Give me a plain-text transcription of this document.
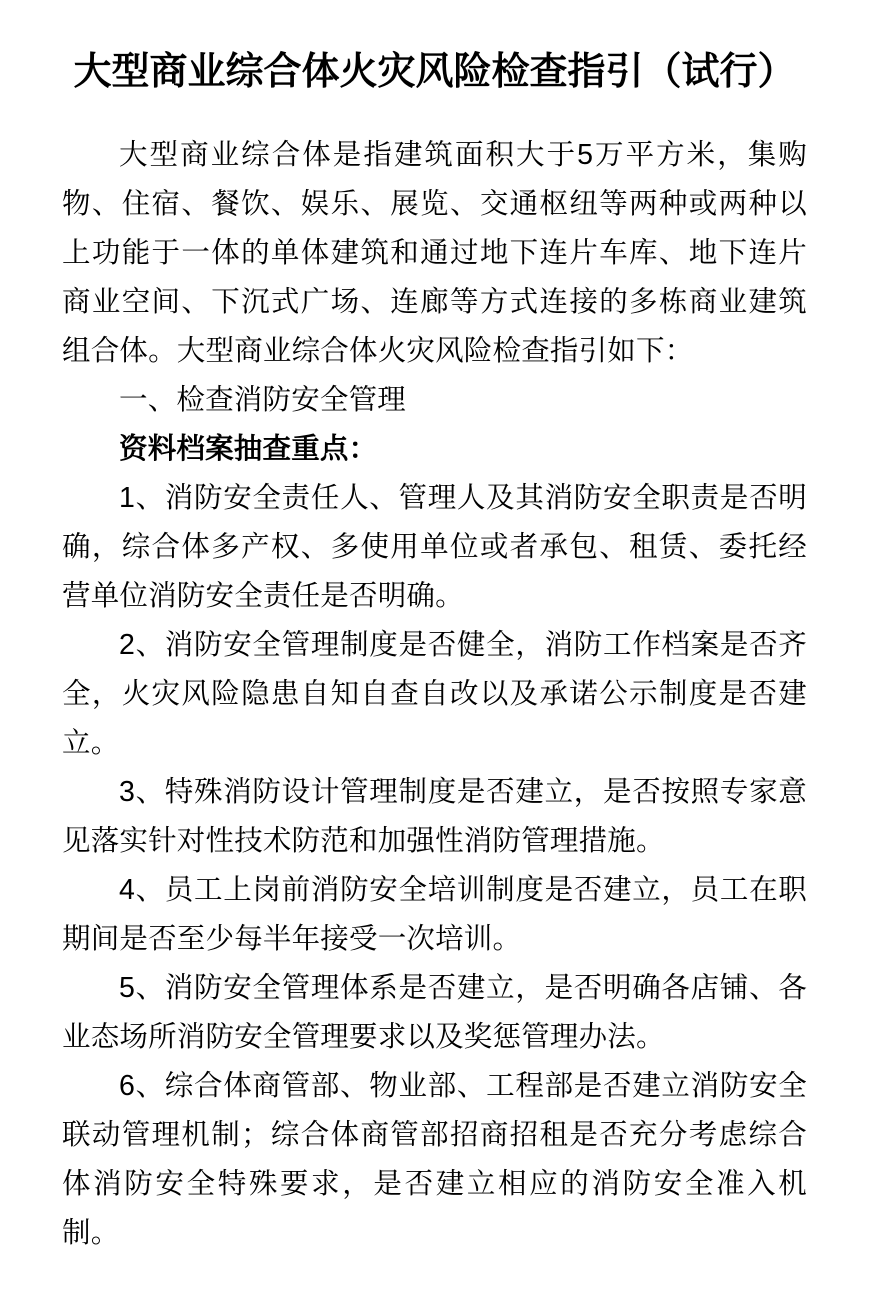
大型商业综合体火灾风险检查指引（试行）

大型商业综合体是指建筑面积大于5万平方米，集购物、住宿、餐饮、娱乐、展览、交通枢纽等两种或两种以上功能于一体的单体建筑和通过地下连片车库、地下连片商业空间、下沉式广场、连廊等方式连接的多栋商业建筑组合体。大型商业综合体火灾风险检查指引如下：

一、检查消防安全管理

资料档案抽查重点：

1、消防安全责任人、管理人及其消防安全职责是否明确，综合体多产权、多使用单位或者承包、租赁、委托经营单位消防安全责任是否明确。

2、消防安全管理制度是否健全，消防工作档案是否齐全，火灾风险隐患自知自查自改以及承诺公示制度是否建立。

3、特殊消防设计管理制度是否建立，是否按照专家意见落实针对性技术防范和加强性消防管理措施。

4、员工上岗前消防安全培训制度是否建立，员工在职期间是否至少每半年接受一次培训。

5、消防安全管理体系是否建立，是否明确各店铺、各业态场所消防安全管理要求以及奖惩管理办法。

6、综合体商管部、物业部、工程部是否建立消防安全联动管理机制；综合体商管部招商招租是否充分考虑综合体消防安全特殊要求，是否建立相应的消防安全准入机制。
